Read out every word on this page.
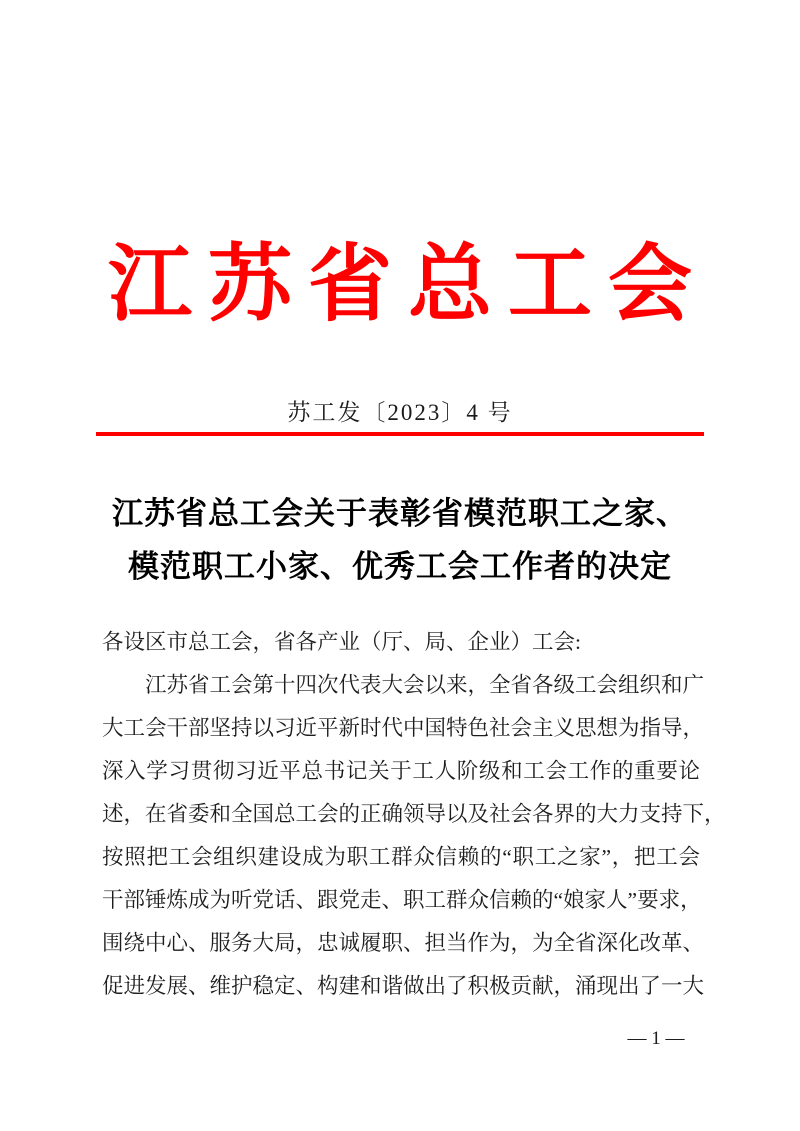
江苏省总工会
苏工发〔2023〕4 号
江苏省总工会关于表彰省模范职工之家、
模范职工小家、优秀工会工作者的决定
各设区市总工会，省各产业（厅、局、企业）工会:
江苏省工会第十四次代表大会以来，全省各级工会组织和广
大工会干部坚持以习近平新时代中国特色社会主义思想为指导，
深入学习贯彻习近平总书记关于工人阶级和工会工作的重要论
述，在省委和全国总工会的正确领导以及社会各界的大力支持下，
按照把工会组织建设成为职工群众信赖的“职工之家”，把工会
干部锤炼成为听党话、跟党走、职工群众信赖的“娘家人”要求，
围绕中心、服务大局，忠诚履职、担当作为，为全省深化改革、
促进发展、维护稳定、构建和谐做出了积极贡献，涌现出了一大
— 1 —
